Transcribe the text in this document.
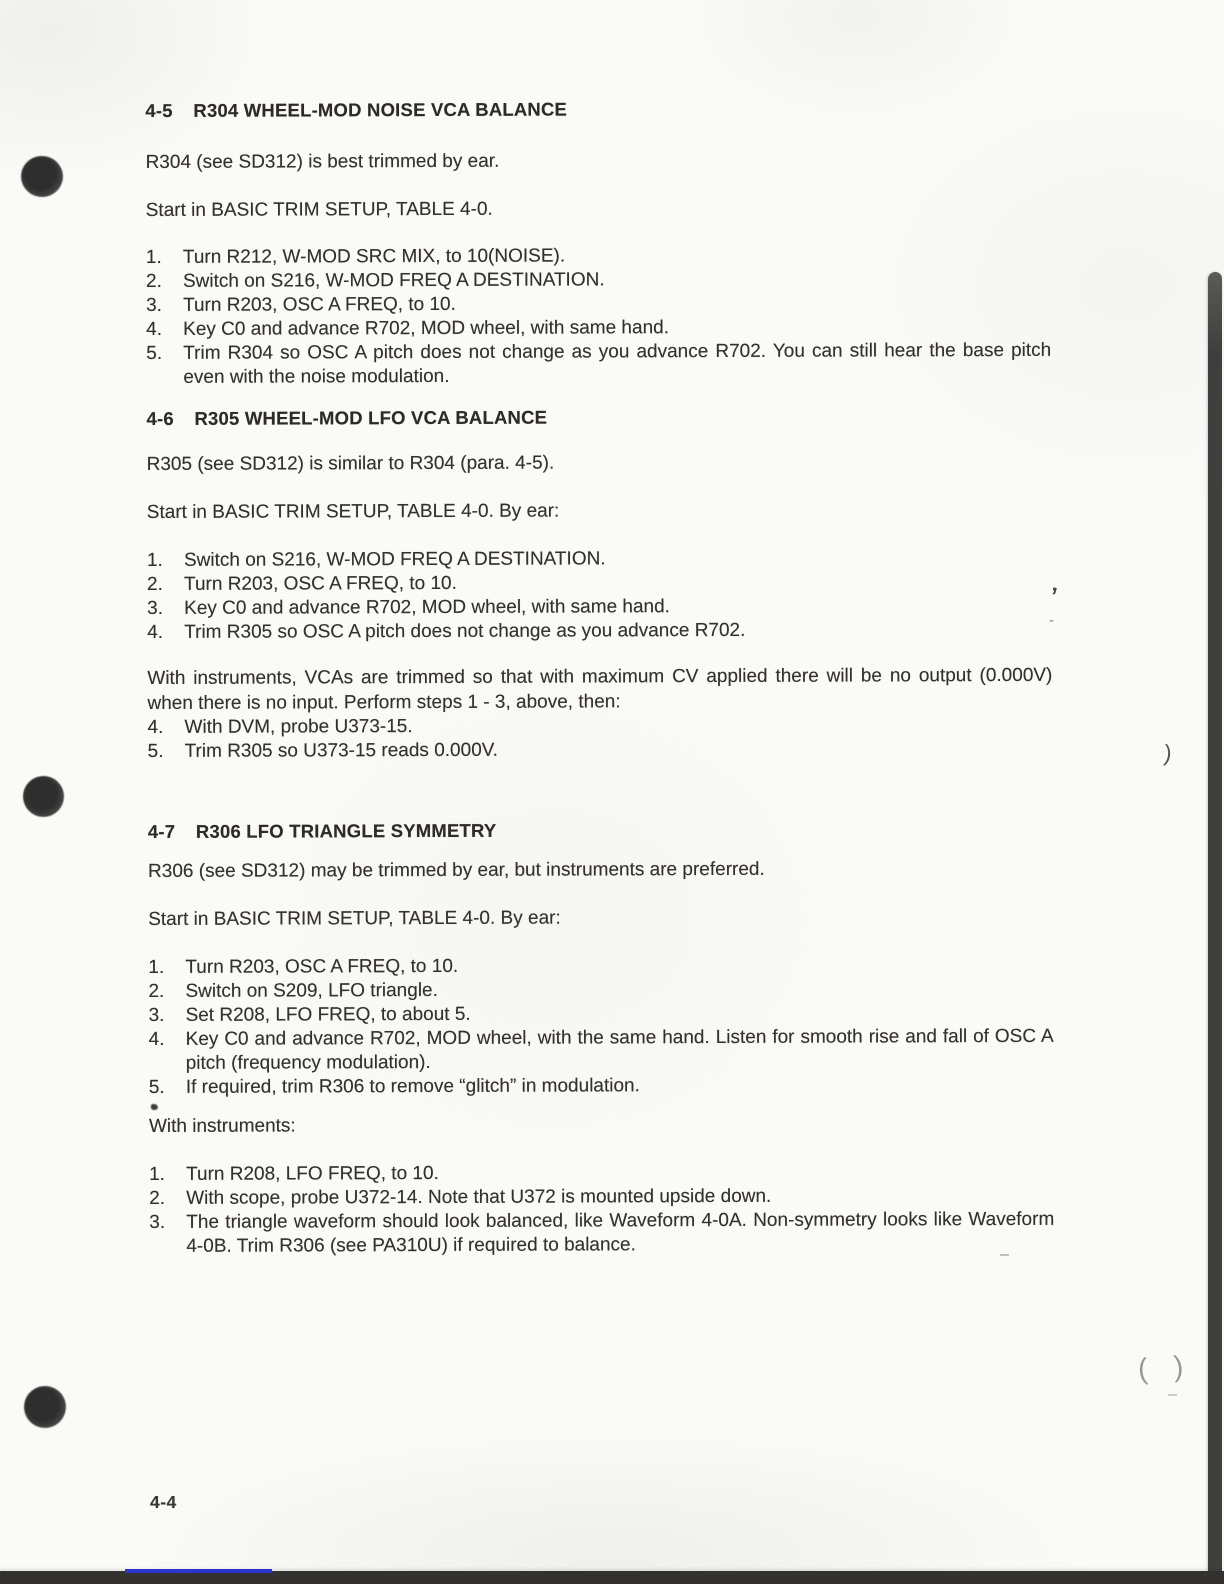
ʼ
-
)
( )
–
–
4-5 R304 WHEEL-MOD NOISE VCA BALANCE

R304 (see SD312) is best trimmed by ear.

Start in BASIC TRIM SETUP, TABLE 4-0.

1.	Turn R212, W-MOD SRC MIX, to 10(NOISE).
2.	Switch on S216, W-MOD FREQ A DESTINATION.
3.	Turn R203, OSC A FREQ, to 10.
4.	Key C0 and advance R702, MOD wheel, with same hand.
5.	Trim R304 so OSC A pitch does not change as you advance R702. You can still hear the base pitch even with the noise modulation.
4-6 R305 WHEEL-MOD LFO VCA BALANCE

R305 (see SD312) is similar to R304 (para. 4-5).

Start in BASIC TRIM SETUP, TABLE 4-0. By ear:

1.	Switch on S216, W-MOD FREQ A DESTINATION.
2.	Turn R203, OSC A FREQ, to 10.
3.	Key C0 and advance R702, MOD wheel, with same hand.
4.	Trim R305 so OSC A pitch does not change as you advance R702.

With instruments, VCAs are trimmed so that with maximum CV applied there will be no output (0.000V) when there is no input. Perform steps 1 - 3, above, then:

4.	With DVM, probe U373-15.
5.	Trim R305 so U373-15 reads 0.000V.
4-7 R306 LFO TRIANGLE SYMMETRY

R306 (see SD312) may be trimmed by ear, but instruments are preferred.

Start in BASIC TRIM SETUP, TABLE 4-0. By ear:

1.	Turn R203, OSC A FREQ, to 10.
2.	Switch on S209, LFO triangle.
3.	Set R208, LFO FREQ, to about 5.
4.	Key C0 and advance R702, MOD wheel, with the same hand. Listen for smooth rise and fall of OSC A pitch (frequency modulation).
5.	If required, trim R306 to remove “glitch” in modulation.

With instruments:

1.	Turn R208, LFO FREQ, to 10.
2.	With scope, probe U372-14. Note that U372 is mounted upside down.
3.	The triangle waveform should look balanced, like Waveform 4-0A. Non-symmetry looks like Waveform 4-0B. Trim R306 (see PA310U) if required to balance.
4-4
